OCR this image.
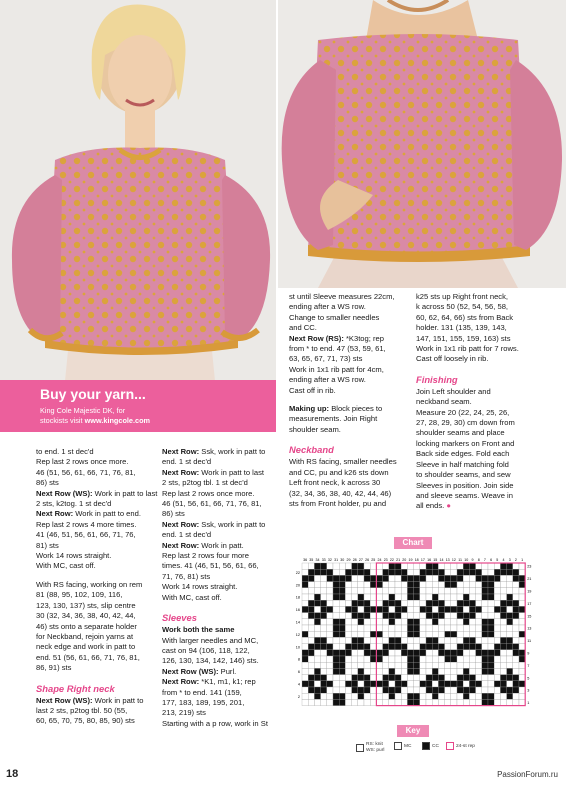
Buy your yarn...
King Cole Majestic DK, for
stockists visit www.kingcole.com

to end. 1 st dec'd
Rep last 2 rows once more.
46 (51, 56, 61, 66, 71, 76, 81,
86) sts

Next Row (WS): Work in patt to last
2 sts, k2tog. 1 st dec'd

Next Row: Work in patt to end.
Rep last 2 rows 4 more times.
41 (46, 51, 56, 61, 66, 71, 76,
81) sts
Work 14 rows straight.
With MC, cast off.

With RS facing, working on rem
81 (88, 95, 102, 109, 116,
123, 130, 137) sts, slip centre
30 (32, 34, 36, 38, 40, 42, 44,
46) sts onto a separate holder
for Neckband, rejoin yarns at
neck edge and work in patt to
end. 51 (56, 61, 66, 71, 76, 81,
86, 91) sts

Shape Right neck

Next Row (WS): Work in patt to
last 2 sts, p2tog tbl. 50 (55,
60, 65, 70, 75, 80, 85, 90) sts

Next Row: Ssk, work in patt to
end. 1 st dec'd

Next Row: Work in patt to last
2 sts, p2tog tbl. 1 st dec'd
Rep last 2 rows once more.
46 (51, 56, 61, 66, 71, 76, 81,
86) sts

Next Row: Ssk, work in patt to
end. 1 st dec'd

Next Row: Work in patt.
Rep last 2 rows four more
times. 41 (46, 51, 56, 61, 66,
71, 76, 81) sts
Work 14 rows straight.
With MC, cast off.

Sleeves

Work both the same

With larger needles and MC,
cast on 94 (106, 118, 122,
126, 130, 134, 142, 146) sts.

Next Row (WS): Purl.

Next Row: *K1, m1, k1; rep
from * to end. 141 (159,
177, 183, 189, 195, 201,
213, 219) sts
Starting with a p row, work in St

st until Sleeve measures 22cm,
ending after a WS row.
Change to smaller needles
and CC.

Next Row (RS): *K3tog; rep
from * to end. 47 (53, 59, 61,
63, 65, 67, 71, 73) sts
Work in 1x1 rib patt for 4cm,
ending after a WS row.
Cast off in rib.

Making up: Block pieces to
measurements. Join Right
shoulder seam.

Neckband

With RS facing, smaller needles
and CC, pu and k26 sts down
Left front neck, k across 30
(32, 34, 36, 38, 40, 42, 44, 46)
sts from Front holder, pu and

k25 sts up Right front neck,
k across 50 (52, 54, 56, 58,
60, 62, 64, 66) sts from Back
holder. 131 (135, 139, 143,
147, 151, 155, 159, 163) sts
Work in 1x1 rib patt for 7 rows.
Cast off loosely in rib.

Finishing

Join Left shoulder and
neckband seam.
Measure 20 (22, 24, 25, 26,
27, 28, 29, 30) cm down from
shoulder seams and place
locking markers on Front and
Back side edges. Fold each
Sleeve in half matching fold
to shoulder seams, and sew
Sleeves in position. Join side
and sleeve seams. Weave in
all ends. ●

Chart
36 35 34 33 32 31 30 29 28 27 26 25 24 23 22 21 20 19 18 17 16 15 14 13 12 11 10 9 8 7 6 5 4 3 2 1
22
20
18
16
14
12
10
8
6
4
2
23
21
19
17
15
13
11
9
7
5
3
1
Key
RS: knit
WS: purl
MC	CC	24-st rep
18	PassionForum.ru
